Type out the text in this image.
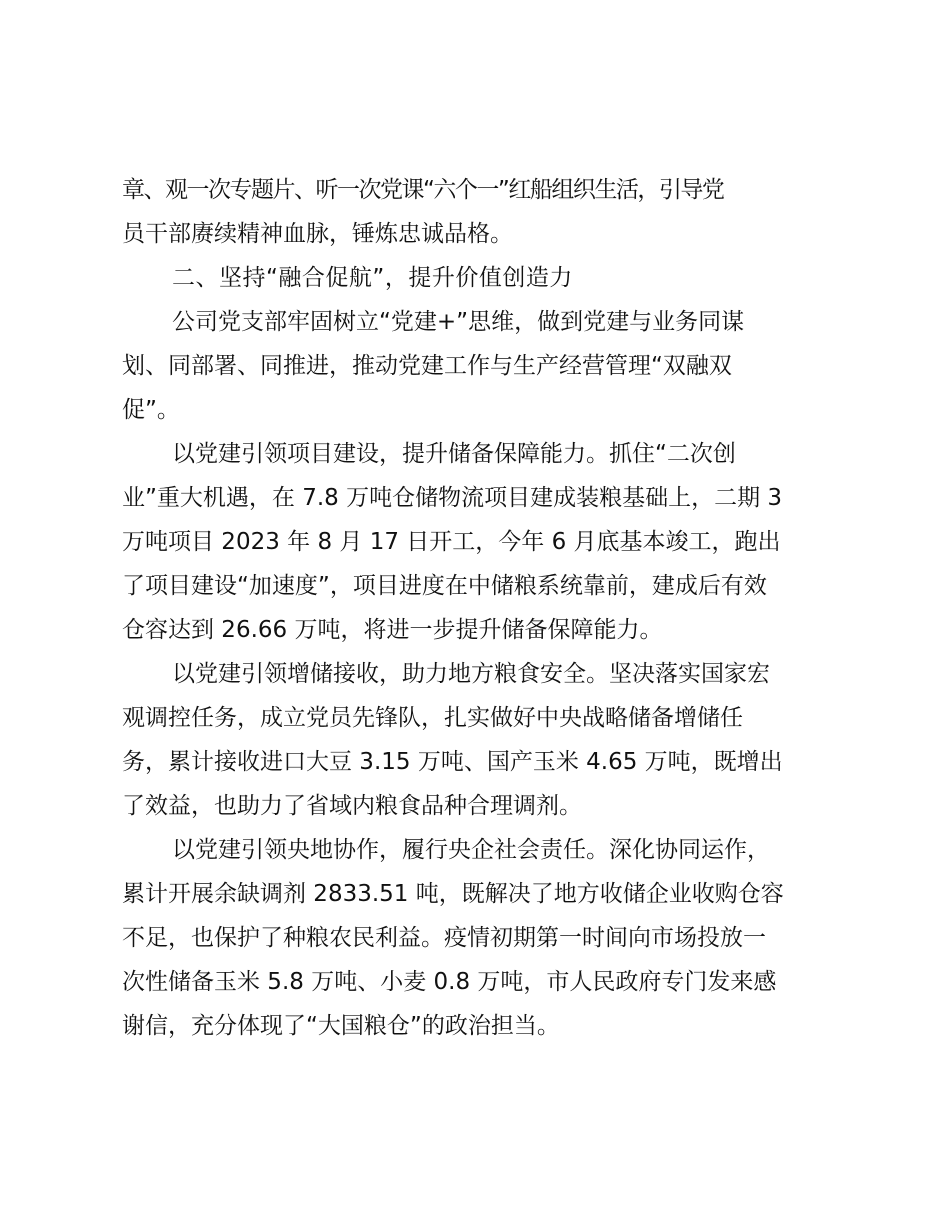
章、观一次专题片、听一次党课“六个一”红船组织生活，引导党
员干部赓续精神血脉，锤炼忠诚品格。
二、坚持“融合促航”，提升价值创造力
公司党支部牢固树立“党建+”思维，做到党建与业务同谋
划、同部署、同推进，推动党建工作与生产经营管理“双融双
促”。
以党建引领项目建设，提升储备保障能力。抓住“二次创
业”重大机遇，在 7.8 万吨仓储物流项目建成装粮基础上，二期 3
万吨项目 2023 年 8 月 17 日开工，今年 6 月底基本竣工，跑出
了项目建设“加速度”，项目进度在中储粮系统靠前，建成后有效
仓容达到 26.66 万吨，将进一步提升储备保障能力。
以党建引领增储接收，助力地方粮食安全。坚决落实国家宏
观调控任务，成立党员先锋队，扎实做好中央战略储备增储任
务，累计接收进口大豆 3.15 万吨、国产玉米 4.65 万吨，既增出
了效益，也助力了省域内粮食品种合理调剂。
以党建引领央地协作，履行央企社会责任。深化协同运作，
累计开展余缺调剂 2833.51 吨，既解决了地方收储企业收购仓容
不足，也保护了种粮农民利益。疫情初期第一时间向市场投放一
次性储备玉米 5.8 万吨、小麦 0.8 万吨，市人民政府专门发来感
谢信，充分体现了“大国粮仓”的政治担当。
